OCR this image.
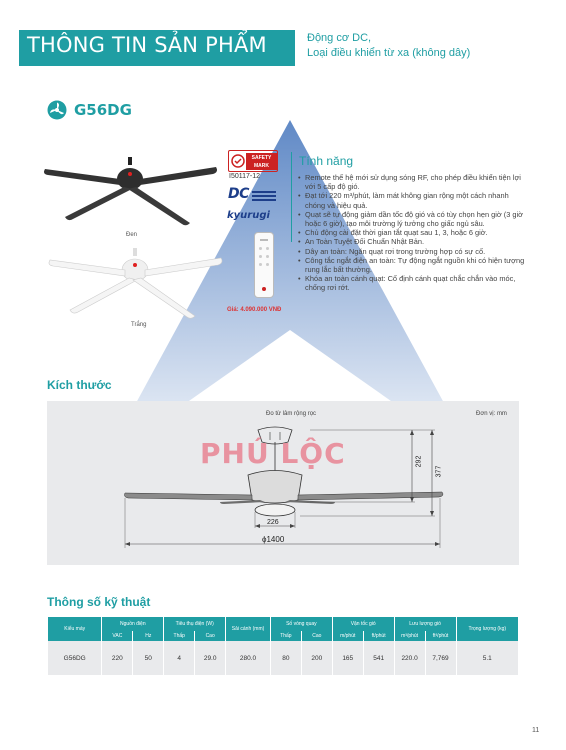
THÔNG TIN SẢN PHẨM	Động cơ DC,
Loại điều khiển từ xa (không dây)
G56DG
Đen
Trắng
SAFETY MARK
I50117-12
DC
kyurugi
Giá: 4.090.000 VNĐ
Tính năng
• Remote thế hệ mới sử dụng sóng RF, cho phép điều khiển tiện lợi với 5 cấp độ gió.
• Đạt tới 220 m³/phút, làm mát không gian rộng một cách nhanh chóng và hiệu quả.
• Quạt sẽ tự động giảm dần tốc độ gió và có tùy chọn hẹn giờ (3 giờ hoặc 6 giờ), tạo môi trường lý tưởng cho giấc ngủ sâu.
• Chủ động cài đặt thời gian tắt quạt sau 1, 3, hoặc 6 giờ.
• An Toàn Tuyệt Đối Chuẩn Nhật Bản.
• Dây an toàn: Ngăn quạt rơi trong trường hợp có sự cố.
• Công tắc ngắt điện an toàn: Tự động ngắt nguồn khi có hiện tượng rung lắc bất thường.
• Khóa an toàn cánh quạt: Cố định cánh quạt chắc chắn vào móc, chống rơi rớt.
Kích thước
Đo từ lâm rộng rọc	Đơn vị: mm
292
377
226
ϕ1400
PHÚ LỘC
Thông số kỹ thuật
Kiểu máy	Nguồn điện		Tiêu thụ điện (W)		Sải cánh (mm)	Số vòng quay		Vận tốc gió		Lưu lượng gió		Trọng lượng (kg)
	VAC	Hz	Thấp	Cao		Thấp	Cao	m/phút	ft/phút	m³/phút	ft³/phút	
G56DG	220	50	4	29.0	280.0	80	200	165	541	220.0	7,769	5.1
11
